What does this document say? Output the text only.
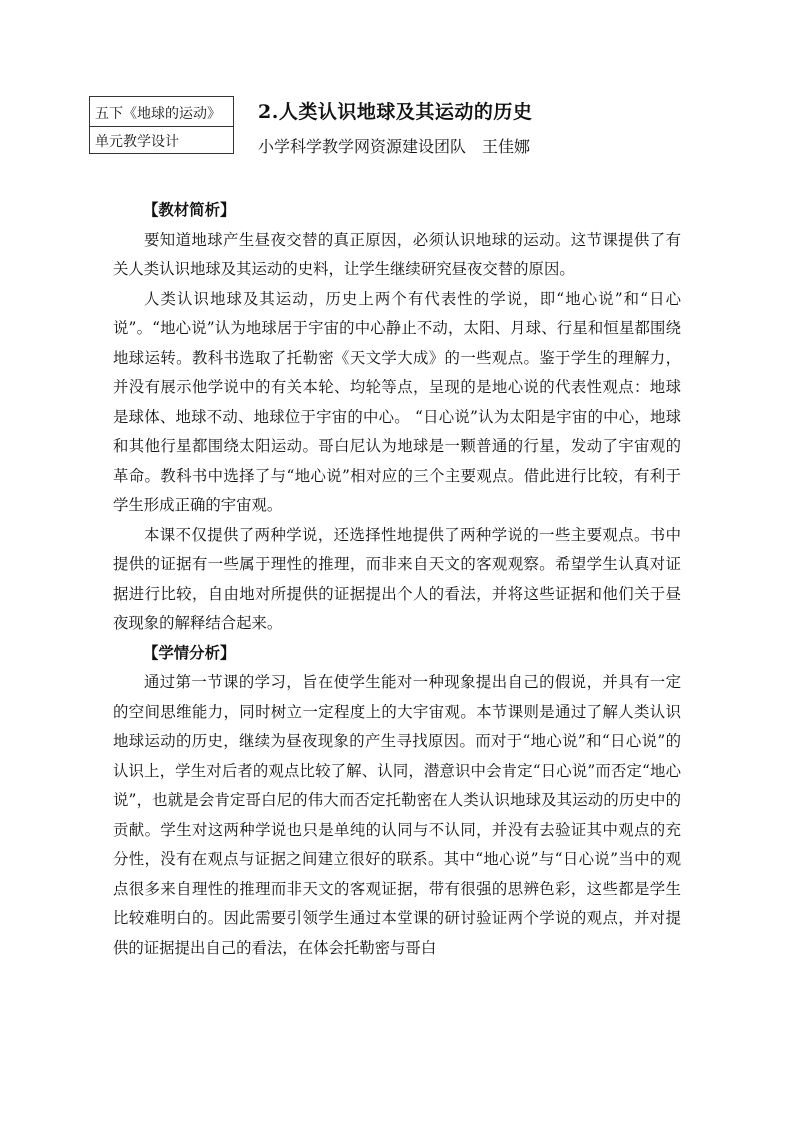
五下《地球的运动》
单元教学设计
2.人类认识地球及其运动的历史
小学科学教学网资源建设团队 王佳娜
【教材简析】

要知道地球产生昼夜交替的真正原因，必须认识地球的运动。这节课提供了有关人类认识地球及其运动的史料，让学生继续研究昼夜交替的原因。

人类认识地球及其运动，历史上两个有代表性的学说，即“地心说”和“日心说”。“地心说”认为地球居于宇宙的中心静止不动，太阳、月球、行星和恒星都围绕地球运转。教科书选取了托勒密《天文学大成》的一些观点。鉴于学生的理解力，并没有展示他学说中的有关本轮、均轮等点，呈现的是地心说的代表性观点：地球是球体、地球不动、地球位于宇宙的中心。 “日心说”认为太阳是宇宙的中心，地球和其他行星都围绕太阳运动。哥白尼认为地球是一颗普通的行星，发动了宇宙观的革命。教科书中选择了与“地心说”相对应的三个主要观点。借此进行比较，有利于学生形成正确的宇宙观。

本课不仅提供了两种学说，还选择性地提供了两种学说的一些主要观点。书中提供的证据有一些属于理性的推理，而非来自天文的客观观察。希望学生认真对证据进行比较，自由地对所提供的证据提出个人的看法，并将这些证据和他们关于昼夜现象的解释结合起来。

【学情分析】

通过第一节课的学习，旨在使学生能对一种现象提出自己的假说，并具有一定的空间思维能力，同时树立一定程度上的大宇宙观。本节课则是通过了解人类认识地球运动的历史，继续为昼夜现象的产生寻找原因。而对于“地心说”和“日心说”的认识上，学生对后者的观点比较了解、认同，潜意识中会肯定“日心说”而否定“地心说”，也就是会肯定哥白尼的伟大而否定托勒密在人类认识地球及其运动的历史中的贡献。学生对这两种学说也只是单纯的认同与不认同，并没有去验证其中观点的充分性，没有在观点与证据之间建立很好的联系。其中“地心说”与“日心说”当中的观点很多来自理性的推理而非天文的客观证据，带有很强的思辨色彩，这些都是学生比较难明白的。因此需要引领学生通过本堂课的研讨验证两个学说的观点，并对提供的证据提出自己的看法，在体会托勒密与哥白
